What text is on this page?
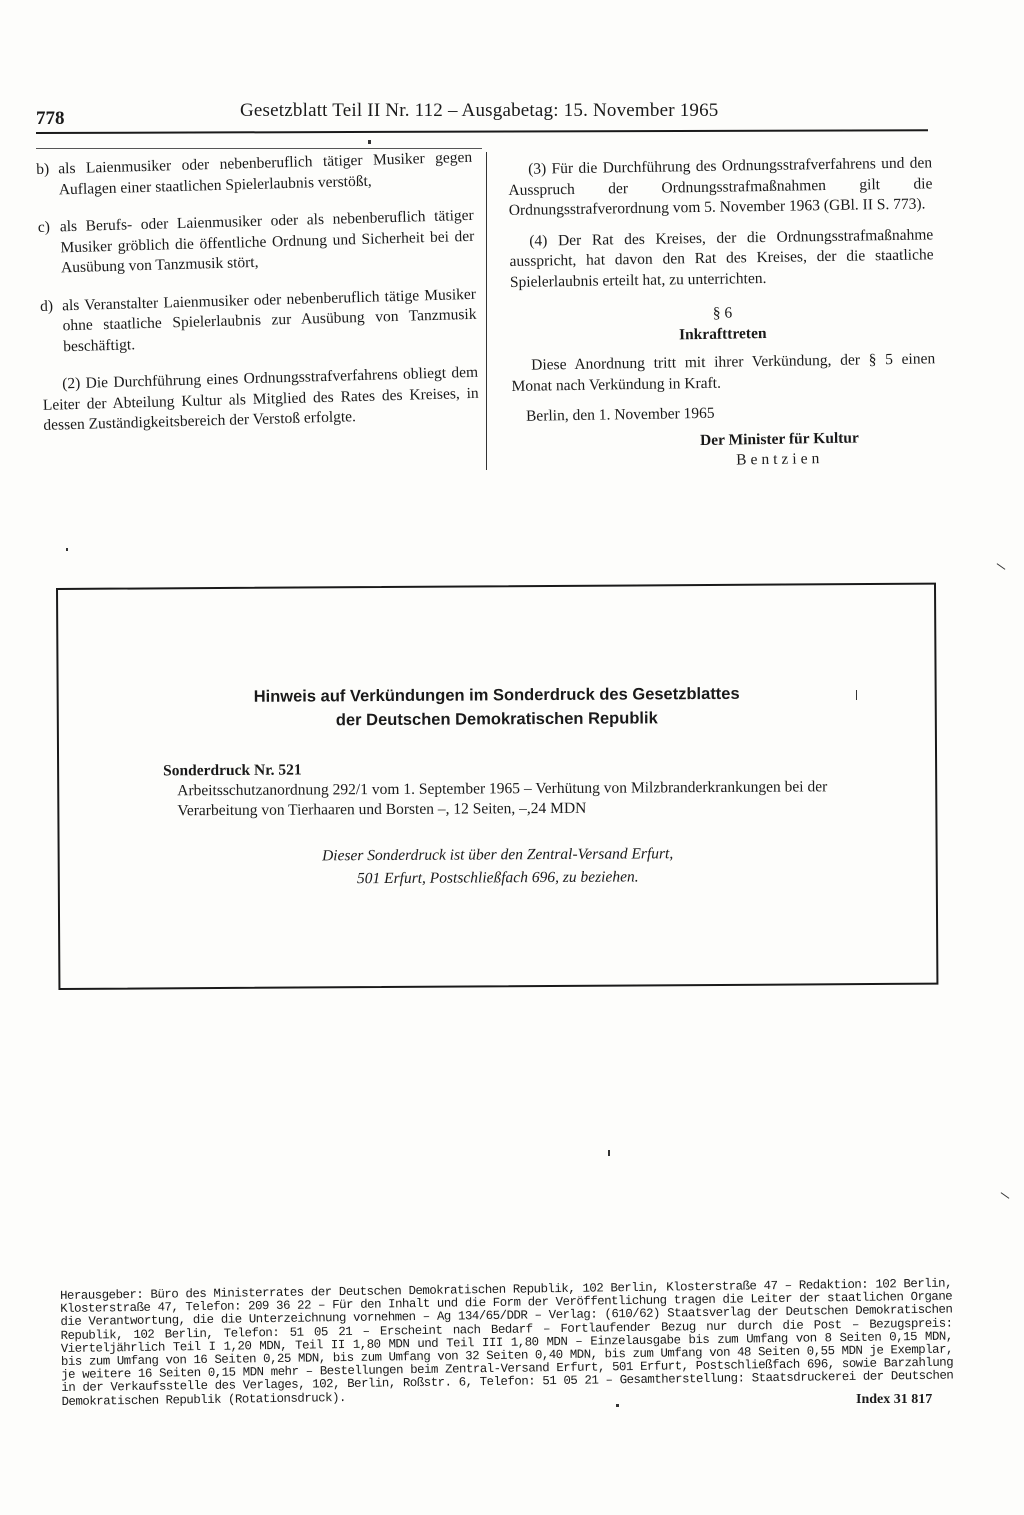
778	Gesetzblatt Teil II Nr. 112 – Ausgabetag: 15. November 1965
b) als Laienmusiker oder nebenberuflich tätiger Musiker gegen Auflagen einer staatlichen Spielerlaubnis verstößt,
c) als Berufs- oder Laienmusiker oder als nebenberuflich tätiger Musiker gröblich die öffentliche Ordnung und Sicherheit bei der Ausübung von Tanzmusik stört,
d) als Veranstalter Laienmusiker oder nebenberuflich tätige Musiker ohne staatliche Spielerlaubnis zur Ausübung von Tanzmusik beschäftigt.

(2) Die Durchführung eines Ordnungsstrafverfahrens obliegt dem Leiter der Abteilung Kultur als Mitglied des Rates des Kreises, in dessen Zuständigkeitsbereich der Verstoß erfolgte.

(3) Für die Durchführung des Ordnungsstrafverfahrens und den Ausspruch der Ordnungsstrafmaßnahmen gilt die Ordnungsstrafverordnung vom 5. November 1963 (GBl. II S. 773).

(4) Der Rat des Kreises, der die Ordnungsstrafmaßnahme ausspricht, hat davon den Rat des Kreises, der die staatliche Spielerlaubnis erteilt hat, zu unterrichten.

§ 6

Inkrafttreten

Diese Anordnung tritt mit ihrer Verkündung, der § 5 einen Monat nach Verkündung in Kraft.

Berlin, den 1. November 1965

Der Minister für Kultur

Bentzien

Hinweis auf Verkündungen im Sonderdruck des Gesetzblattes
der Deutschen Demokratischen Republik
Sonderdruck Nr. 521
Arbeitsschutzanordnung 292/1 vom 1. September 1965 – Verhütung von Milzbranderkrankungen bei der Verarbeitung von Tierhaaren und Borsten –, 12 Seiten, –,24 MDN
Dieser Sonderdruck ist über den Zentral-Versand Erfurt,
501 Erfurt, Postschließfach 696, zu beziehen.
Herausgeber: Büro des Ministerrates der Deutschen Demokratischen Republik, 102 Berlin, Klosterstraße 47 – Redaktion: 102 Berlin, Klosterstraße 47, Telefon: 209 36 22 – Für den Inhalt und die Form der Veröffentlichung tragen die Leiter der staatlichen Organe die Verantwortung, die die Unterzeichnung vornehmen – Ag 134/65/DDR – Verlag: (610/62) Staatsverlag der Deutschen Demokratischen Republik, 102 Berlin, Telefon: 51 05 21 – Erscheint nach Bedarf – Fortlaufender Bezug nur durch die Post – Bezugspreis: Vierteljährlich Teil I 1,20 MDN, Teil II 1,80 MDN und Teil III 1,80 MDN – Einzelausgabe bis zum Umfang von 8 Seiten 0,15 MDN, bis zum Umfang von 16 Seiten 0,25 MDN, bis zum Umfang von 32 Seiten 0,40 MDN, bis zum Umfang von 48 Seiten 0,55 MDN je Exemplar, je weitere 16 Seiten 0,15 MDN mehr – Bestellungen beim Zentral-Versand Erfurt, 501 Erfurt, Postschließfach 696, sowie Barzahlung in der Verkaufsstelle des Verlages, 102, Berlin, Roßstr. 6, Telefon: 51 05 21 – Gesamtherstellung: Staatsdruckerei der Deutschen Demokratischen Republik (Rotationsdruck).	Index 31 817
